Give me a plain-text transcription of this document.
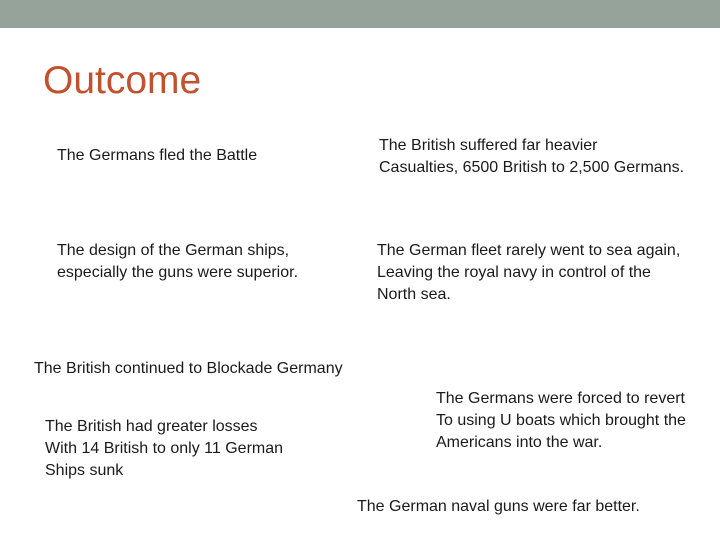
Outcome
The Germans fled the Battle
The British suffered far heavier
Casualties, 6500 British to 2,500 Germans.
The design of the German ships,
especially the guns were superior.
The German fleet rarely went to sea again,
Leaving the royal navy in control of the
North sea.
The British continued to Blockade Germany
The Germans were forced to revert
To using U boats which brought the
Americans into the war.
The British had greater losses
With 14 British to only 11 German
Ships sunk
The German naval guns were far better.
